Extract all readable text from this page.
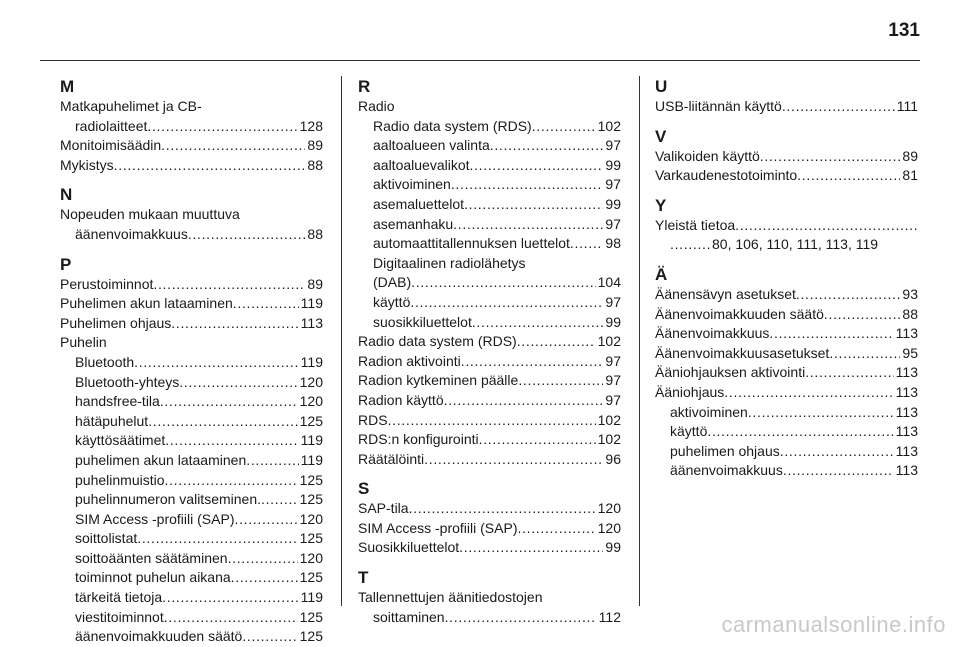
131
M
Matkapuhelimet ja CB-
radiolaitteet . . .	128
Monitoimisäädin . . .	89
Mykistys . . .	88
N
Nopeuden mukaan muuttuva
äänenvoimakkuus . . .	88
P
Perustoiminnot . . .	89
Puhelimen akun lataaminen . . .	119
Puhelimen ohjaus . . .	113
Puhelin
Bluetooth . . .	119
Bluetooth-yhteys . . .	120
handsfree-tila . . .	120
hätäpuhelut . . .	125
käyttösäätimet . . .	119
puhelimen akun lataaminen . . .	119
puhelinmuistio . . .	125
puhelinnumeron valitseminen. . . .	125
SIM Access -profiili (SAP) . . .	120
soittolistat . . .	125
soittoäänten säätäminen . . .	120
toiminnot puhelun aikana . . .	125
tärkeitä tietoja . . .	119
viestitoiminnot . . .	125
äänenvoimakkuuden säätö . . .	125
R
Radio
Radio data system (RDS) . . .	102
aaltoalueen valinta . . .	97
aaltoaluevalikot . . .	99
aktivoiminen . . .	97
asemaluettelot . . .	99
asemanhaku . . .	97
automaattitallennuksen luettelot . . .	98
Digitaalinen radiolähetys
(DAB) . . .	104
käyttö . . .	97
suosikkiluettelot . . .	99
Radio data system (RDS) . . .	102
Radion aktivointi . . .	97
Radion kytkeminen päälle . . .	97
Radion käyttö . . .	97
RDS . . .	102
RDS:n konfigurointi . . .	102
Räätälöinti . . .	96
S
SAP-tila . . .	120
SIM Access -profiili (SAP) . . .	120
Suosikkiluettelot . . .	99
T
Tallennettujen äänitiedostojen
soittaminen . . .	112
U
USB-liitännän käyttö . . .	111
V
Valikoiden käyttö . . .	89
Varkaudenestotoiminto . . .	81
Y
Yleistä tietoa
. . .
. . .
80, 106, 110, 111, 113, 119
Ä
Äänensävyn asetukset . . .	93
Äänenvoimakkuuden säätö . . .	88
Äänenvoimakkuus . . .	113
Äänenvoimakkuusasetukset . . .	95
Ääniohjauksen aktivointi . . .	113
Ääniohjaus . . .	113
aktivoiminen . . .	113
käyttö . . .	113
puhelimen ohjaus . . .	113
äänenvoimakkuus . . .	113
carmanualsonline.info
